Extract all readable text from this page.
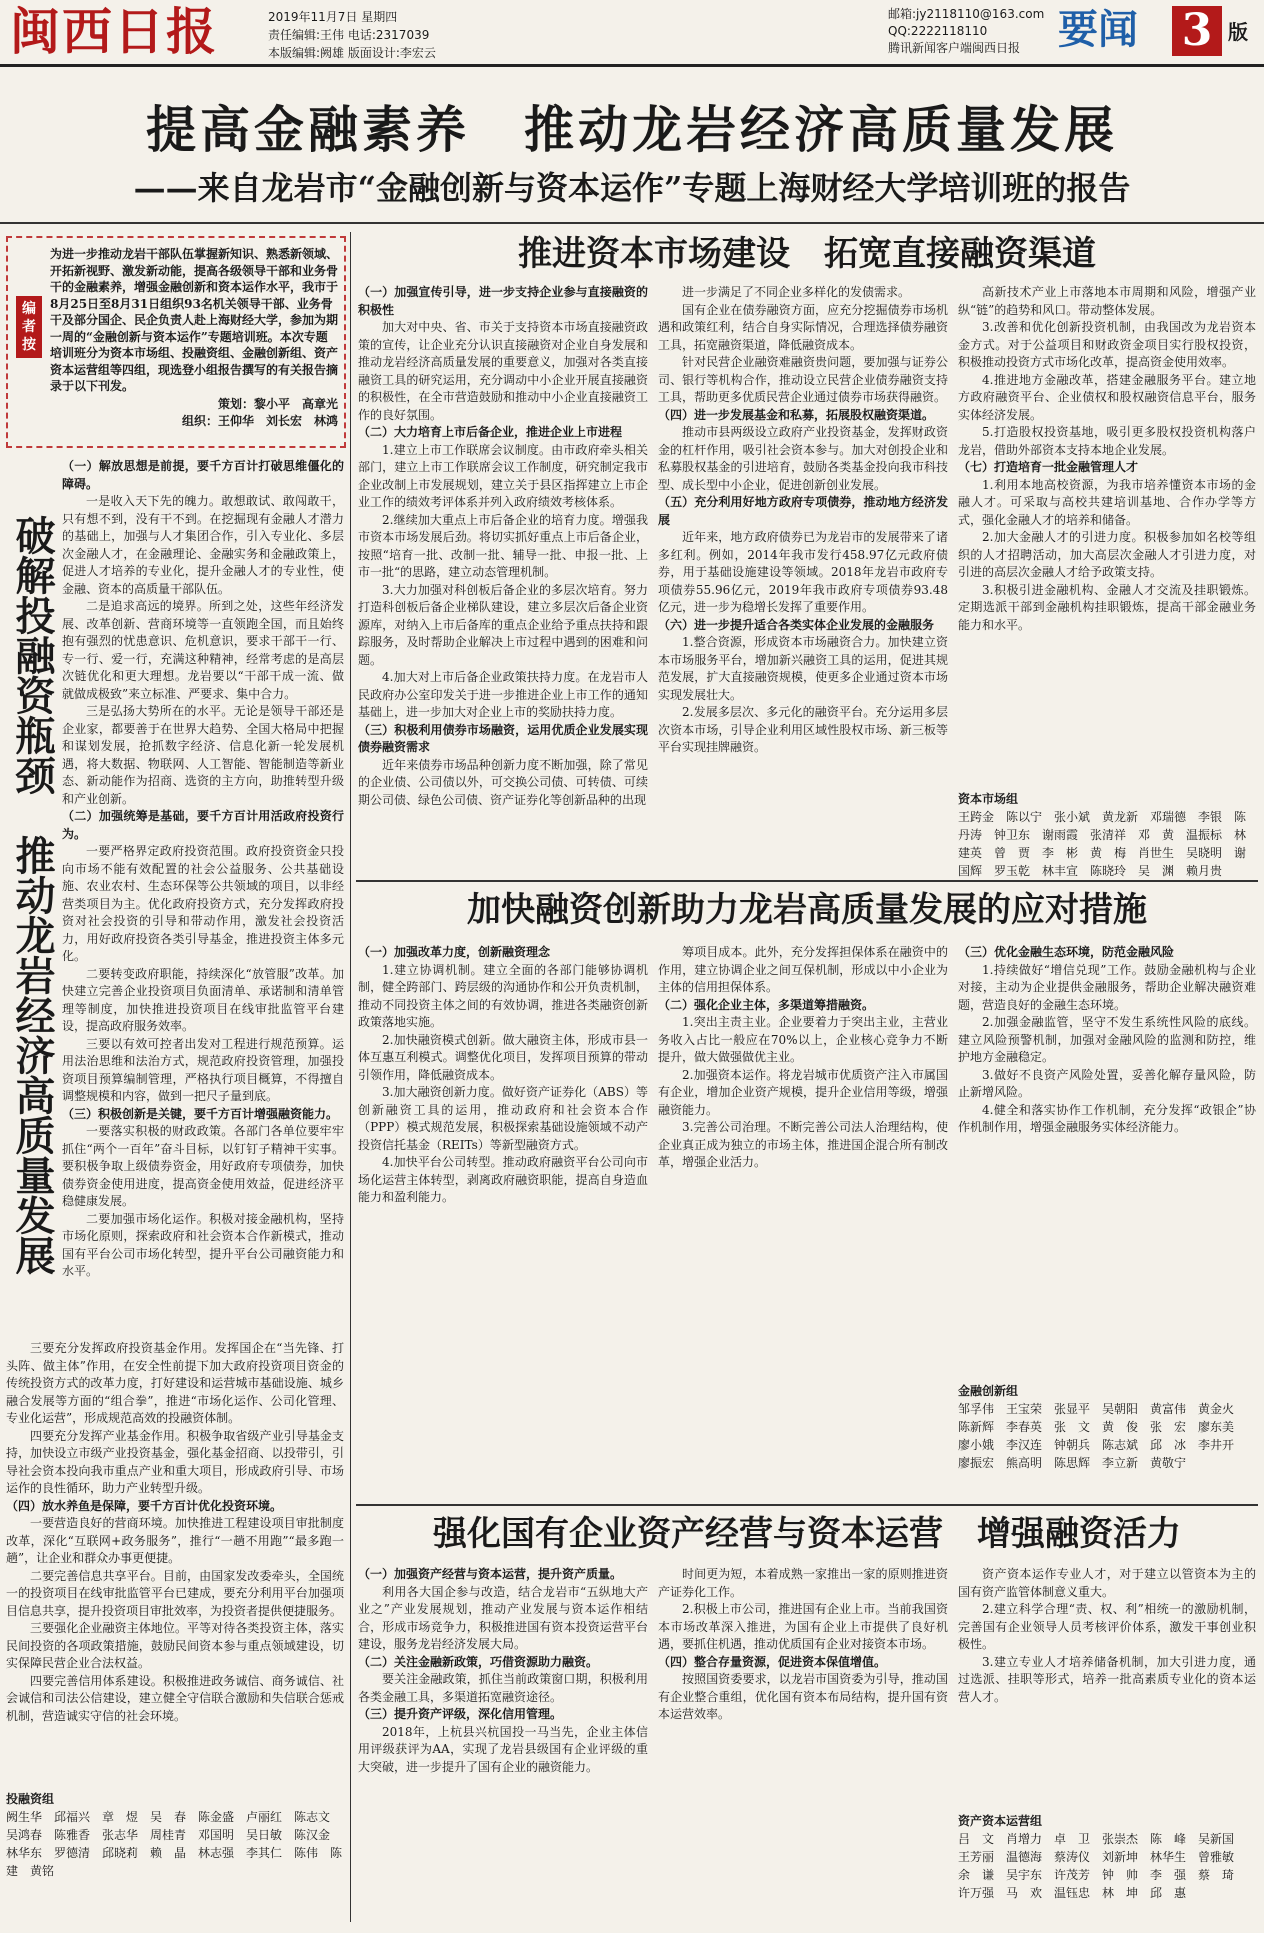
闽西日报	2019年11月7日 星期四
责任编辑:王伟 电话:2317039
本版编辑:阙雄 版面设计:李宏云
邮箱:jy2118110@163.com
QQ:2222118110
腾讯新闻客户端闽西日报 要闻 3 版
提高金融素养　推动龙岩经济高质量发展
——来自龙岩市“金融创新与资本运作”专题上海财经大学培训班的报告
编者按
为进一步推动龙岩干部队伍掌握新知识、熟悉新领域、开拓新视野、激发新动能，提高各级领导干部和业务骨干的金融素养，增强金融创新和资本运作水平，我市于8月25日至8月31日组织93名机关领导干部、业务骨干及部分国企、民企负责人赴上海财经大学，参加为期一周的“金融创新与资本运作”专题培训班。本次专题培训班分为资本市场组、投融资组、金融创新组、资产资本运营组等四组，现选登小组报告撰写的有关报告摘录于以下刊发。
策划：黎小平　高章光
组织：王仰华　刘长宏　林鸿
破解投融资瓶颈　推动龙岩经济高质量发展

（一）解放思想是前提，要千方百计打破思维僵化的障碍。

一是收入天下先的魄力。敢想敢试、敢闯敢干，只有想不到，没有干不到。在挖掘现有金融人才潜力的基础上，加强与人才集团合作，引入专业化、多层次金融人才，在金融理论、金融实务和金融政策上，促进人才培养的专业化，提升金融人才的专业性，使金融、资本的高质量干部队伍。

二是追求高远的境界。所到之处，这些年经济发展、改革创新、营商环境等一直领跑全国，而且始终抱有强烈的忧患意识、危机意识，要求干部干一行、专一行、爱一行，充满这种精神，经常考虑的是高层次链优化和更大理想。龙岩要以“干部干成一流、做就做成极致”来立标准、严要求、集中合力。

三是弘扬大势所在的水平。无论是领导干部还是企业家，都要善于在世界大趋势、全国大格局中把握和谋划发展，抢抓数字经济、信息化新一轮发展机遇，将大数据、物联网、人工智能、智能制造等新业态、新动能作为招商、选资的主方向，助推转型升级和产业创新。

（二）加强统筹是基础，要千方百计用活政府投资行为。

一要严格界定政府投资范围。政府投资资金只投向市场不能有效配置的社会公益服务、公共基础设施、农业农村、生态环保等公共领域的项目，以非经营类项目为主。优化政府投资方式，充分发挥政府投资对社会投资的引导和带动作用，激发社会投资活力，用好政府投资各类引导基金，推进投资主体多元化。

二要转变政府职能，持续深化“放管服”改革。加快建立完善企业投资项目负面清单、承诺制和清单管理等制度，加快推进投资项目在线审批监管平台建设，提高政府服务效率。

三要以有效可控者出发对工程进行规范预算。运用法治思维和法治方式，规范政府投资管理，加强投资项目预算编制管理，严格执行项目概算，不得擅自调整规模和内容，做到一把尺子量到底。

（三）积极创新是关键，要千方百计增强融资能力。

一要落实积极的财政政策。各部门各单位要牢牢抓住“两个一百年”奋斗目标，以钉钉子精神干实事。要积极争取上级债券资金，用好政府专项债券，加快债券资金使用进度，提高资金使用效益，促进经济平稳健康发展。

二要加强市场化运作。积极对接金融机构，坚持市场化原则，探索政府和社会资本合作新模式，推动国有平台公司市场化转型，提升平台公司融资能力和水平。

三要充分发挥政府投资基金作用。发挥国企在“当先锋、打头阵、做主体”作用，在安全性前提下加大政府投资项目资金的传统投资方式的改革力度，打好建设和运营城市基础设施、城乡融合发展等方面的“组合拳”，推进“市场化运作、公司化管理、专业化运营”，形成规范高效的投融资体制。

四要充分发挥产业基金作用。积极争取省级产业引导基金支持，加快设立市级产业投资基金，强化基金招商、以投带引，引导社会资本投向我市重点产业和重大项目，形成政府引导、市场运作的良性循环，助力产业转型升级。

（四）放水养鱼是保障，要千方百计优化投资环境。

一要营造良好的营商环境。加快推进工程建设项目审批制度改革，深化“互联网+政务服务”，推行“一趟不用跑”“最多跑一趟”，让企业和群众办事更便捷。

二要完善信息共享平台。目前，由国家发改委牵头，全国统一的投资项目在线审批监管平台已建成，要充分利用平台加强项目信息共享，提升投资项目审批效率，为投资者提供便捷服务。

三要强化企业融资主体地位。平等对待各类投资主体，落实民间投资的各项政策措施，鼓励民间资本参与重点领域建设，切实保障民营企业合法权益。

四要完善信用体系建设。积极推进政务诚信、商务诚信、社会诚信和司法公信建设，建立健全守信联合激励和失信联合惩戒机制，营造诚实守信的社会环境。

投融资组
阙生华　邱福兴　章　煜　吴　春　陈金盛　卢丽红　陈志文　吴鸿春　陈雅香　张志华　周桂青　邓国明　吴日敏　陈汉金　林华东　罗德清　邱晓莉　赖　晶　林志强　李其仁　陈伟　陈建　黄铭
推进资本市场建设　拓宽直接融资渠道

（一）加强宣传引导，进一步支持企业参与直接融资的积极性

加大对中央、省、市关于支持资本市场直接融资政策的宣传，让企业充分认识直接融资对企业自身发展和推动龙岩经济高质量发展的重要意义，加强对各类直接融资工具的研究运用，充分调动中小企业开展直接融资的积极性，在全市营造鼓励和推动中小企业直接融资工作的良好氛围。

（二）大力培育上市后备企业，推进企业上市进程

1.建立上市工作联席会议制度。由市政府牵头相关部门，建立上市工作联席会议工作制度，研究制定我市企业改制上市发展规划，建立关于县区指挥建立上市企业工作的绩效考评体系并列入政府绩效考核体系。

2.继续加大重点上市后备企业的培育力度。增强我市资本市场发展后劲。将切实抓好重点上市后备企业，按照“培育一批、改制一批、辅导一批、申报一批、上市一批“的思路，建立动态管理机制。

3.大力加强对科创板后备企业的多层次培育。努力打造科创板后备企业梯队建设，建立多层次后备企业资源库，对纳入上市后备库的重点企业给予重点扶持和跟踪服务，及时帮助企业解决上市过程中遇到的困难和问题。

4.加大对上市后备企业政策扶持力度。在龙岩市人民政府办公室印发关于进一步推进企业上市工作的通知基础上，进一步加大对企业上市的奖励扶持力度。

（三）积极利用债券市场融资，运用优质企业发展实现债券融资需求

近年来债券市场品种创新力度不断加强，除了常见的企业债、公司债以外，可交换公司债、可转债、可续期公司债、绿色公司债、资产证券化等创新品种的出现

进一步满足了不同企业多样化的发债需求。

国有企业在债券融资方面，应充分挖掘债券市场机遇和政策红利，结合自身实际情况，合理选择债券融资工具，拓宽融资渠道，降低融资成本。

针对民营企业融资难融资贵问题，要加强与证券公司、银行等机构合作，推动设立民营企业债券融资支持工具，帮助更多优质民营企业通过债券市场获得融资。

（四）进一步发展基金和私募，拓展股权融资渠道。

推动市县两级设立政府产业投资基金，发挥财政资金的杠杆作用，吸引社会资本参与。加大对创投企业和私募股权基金的引进培育，鼓励各类基金投向我市科技型、成长型中小企业，促进创新创业发展。

（五）充分利用好地方政府专项债券，推动地方经济发展

近年来，地方政府债券已为龙岩市的发展带来了诸多红利。例如，2014年我市发行458.97亿元政府债券，用于基础设施建设等领域。2018年龙岩市政府专项债券55.96亿元，2019年我市政府专项债券93.48亿元，进一步为稳增长发挥了重要作用。

（六）进一步提升适合各类实体企业发展的金融服务

1.整合资源，形成资本市场融资合力。加快建立资本市场服务平台，增加新兴融资工具的运用，促进其规范发展，扩大直接融资规模，使更多企业通过资本市场实现发展壮大。

2.发展多层次、多元化的融资平台。充分运用多层次资本市场，引导企业利用区域性股权市场、新三板等平台实现挂牌融资。

高新技术产业上市落地本市周期和风险，增强产业纵“链”的趋势和风口。带动整体发展。

3.改善和优化创新投资机制，由我国改为龙岩资本金方式。对于公益项目和财政资金项目实行股权投资，积极推动投资方式市场化改革，提高资金使用效率。

4.推进地方金融改革，搭建金融服务平台。建立地方政府融资平台、企业债权和股权融资信息平台，服务实体经济发展。

5.打造股权投资基地，吸引更多股权投资机构落户龙岩，借助外部资本支持本地企业发展。

（七）打造培育一批金融管理人才

1.利用本地高校资源，为我市培养懂资本市场的金融人才。可采取与高校共建培训基地、合作办学等方式，强化金融人才的培养和储备。

2.加大金融人才的引进力度。积极参加如名校等组织的人才招聘活动，加大高层次金融人才引进力度，对引进的高层次金融人才给予政策支持。

3.积极引进金融机构、金融人才交流及挂职锻炼。定期选派干部到金融机构挂职锻炼，提高干部金融业务能力和水平。

资本市场组
王跨金　陈以宁　张小斌　黄龙新　邓瑞德　李银　陈丹涛　钟卫东　谢雨霞　张清祥　邓　黄　温振标　林建英　曾　贾　李　彬　黄　梅　肖世生　吴晓明　谢国辉　罗玉乾　林丰宣　陈晓玲　吴　渊　赖月贵
加快融资创新助力龙岩高质量发展的应对措施

（一）加强改革力度，创新融资理念

1.建立协调机制。建立全面的各部门能够协调机制，健全跨部门、跨层级的沟通协作和公开负责机制，推动不同投资主体之间的有效协调，推进各类融资创新政策落地实施。

2.加快融资模式创新。做大融资主体，形成市县一体互惠互利模式。调整优化项目，发挥项目预算的带动引领作用，降低融资成本。

3.加大融资创新力度。做好资产证券化（ABS）等创新融资工具的运用，推动政府和社会资本合作（PPP）模式规范发展，积极探索基础设施领域不动产投资信托基金（REITs）等新型融资方式。

4.加快平台公司转型。推动政府融资平台公司向市场化运营主体转型，剥离政府融资职能，提高自身造血能力和盈利能力。

筹项目成本。此外，充分发挥担保体系在融资中的作用，建立协调企业之间互保机制，形成以中小企业为主体的信用担保体系。

（二）强化企业主体，多渠道筹措融资。

1.突出主责主业。企业要着力于突出主业，主营业务收入占比一般应在70%以上，企业核心竞争力不断提升，做大做强做优主业。

2.加强资本运作。将龙岩城市优质资产注入市属国有企业，增加企业资产规模，提升企业信用等级，增强融资能力。

3.完善公司治理。不断完善公司法人治理结构，使企业真正成为独立的市场主体，推进国企混合所有制改革，增强企业活力。

（三）优化金融生态环境，防范金融风险

1.持续做好“增信兑现”工作。鼓励金融机构与企业对接，主动为企业提供金融服务，帮助企业解决融资难题，营造良好的金融生态环境。

2.加强金融监管，坚守不发生系统性风险的底线。建立风险预警机制，加强对金融风险的监测和防控，维护地方金融稳定。

3.做好不良资产风险处置，妥善化解存量风险，防止新增风险。

4.健全和落实协作工作机制，充分发挥“政银企”协作机制作用，增强金融服务实体经济能力。

金融创新组
邹孚伟　王宝荣　张显平　吴朝阳　黄富伟　黄金火　陈新辉　李春英　张　文　黄　俊　张　宏　廖东美　廖小娥　李汉连　钟朝兵　陈志斌　邱　冰　李井开　廖振宏　熊高明　陈思辉　李立新　黄敬宁
强化国有企业资产经营与资本运营　增强融资活力

（一）加强资产经营与资本运营，提升资产质量。

利用各大国企参与改造，结合龙岩市“五纵地大产业之”产业发展规划，推动产业发展与资本运作相结合，形成市场竞争力，积极推进国有资本投资运营平台建设，服务龙岩经济发展大局。

（二）关注金融新政策，巧借资源助力融资。

要关注金融政策，抓住当前政策窗口期，积极利用各类金融工具，多渠道拓宽融资途径。

（三）提升资产评级，深化信用管理。

2018年，上杭县兴杭国投一马当先，企业主体信用评级获评为AA，实现了龙岩县级国有企业评级的重大突破，进一步提升了国有企业的融资能力。

时间更为短，本着成熟一家推出一家的原则推进资产证券化工作。

2.积极上市公司，推进国有企业上市。当前我国资本市场改革深入推进，为国有企业上市提供了良好机遇，要抓住机遇，推动优质国有企业对接资本市场。

（四）整合存量资源，促进资本保值增值。

按照国资委要求，以龙岩市国资委为引导，推动国有企业整合重组，优化国有资本布局结构，提升国有资本运营效率。

资产资本运作专业人才，对于建立以管资本为主的国有资产监管体制意义重大。

2.建立科学合理“责、权、利”相统一的激励机制，完善国有企业领导人员考核评价体系，激发干事创业积极性。

3.建立专业人才培养储备机制，加大引进力度，通过选派、挂职等形式，培养一批高素质专业化的资本运营人才。

资产资本运营组
吕　文　肖增力　卓　卫　张崇杰　陈　峰　吴新国　王芳丽　温德海　蔡涛仪　刘新坤　林华生　曾雅敏　余　谦　吴宇东　许茂芳　钟　帅　李　强　蔡　琦　许万强　马　欢　温钰忠　林　坤　邱　惠
